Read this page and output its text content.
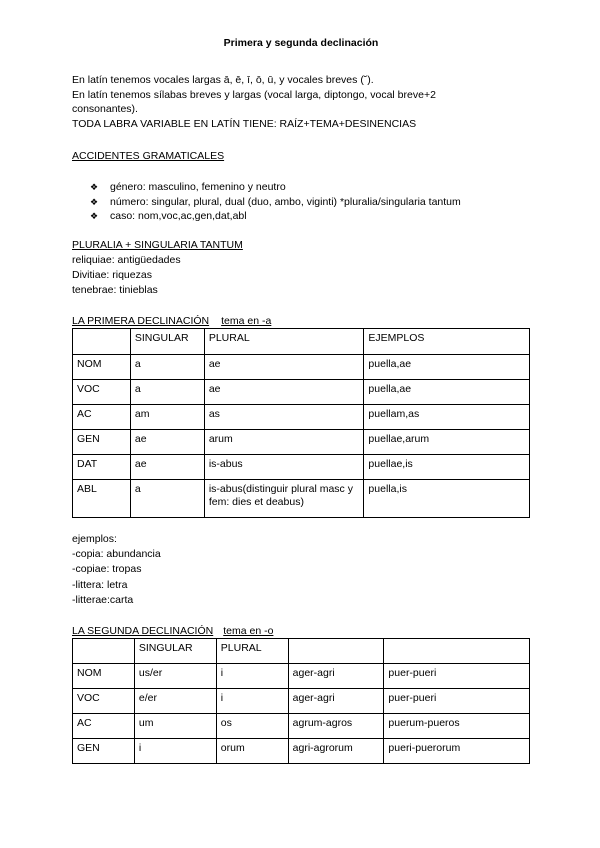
Primera y segunda declinación
En latín tenemos vocales largas ā, ē, ī, ō, ū, y vocales breves (˘).
En latín tenemos sílabas breves y largas (vocal larga, diptongo, vocal breve+2
consonantes).
TODA LABRA VARIABLE EN LATÍN TIENE: RAÍZ+TEMA+DESINENCIAS
ACCIDENTES GRAMATICALES
❖ género: masculino, femenino y neutro
❖ número: singular, plural, dual (duo, ambo, viginti) *pluralia/singularia tantum
❖ caso: nom,voc,ac,gen,dat,abl
PLURALIA + SINGULARIA TANTUM
reliquiae: antigüedades
Divitiae: riquezas
tenebrae: tinieblas
LA PRIMERA DECLINACIÓN tema en -a
	SINGULAR	PLURAL	EJEMPLOS
NOM	a	ae	puella,ae
VOC	a	ae	puella,ae
AC	am	as	puellam,as
GEN	ae	arum	puellae,arum
DAT	ae	is-abus	puellae,is
ABL	a	is-abus(distinguir plural masc y fem: dies et deabus)	puella,is
ejemplos:
-copia: abundancia
-copiae: tropas
-littera: letra
-litterae:carta
LA SEGUNDA DECLINACIÓN tema en -o
	SINGULAR	PLURAL		
NOM	us/er	i	ager-agri	puer-pueri
VOC	e/er	i	ager-agri	puer-pueri
AC	um	os	agrum-agros	puerum-pueros
GEN	i	orum	agri-agrorum	pueri-puerorum
